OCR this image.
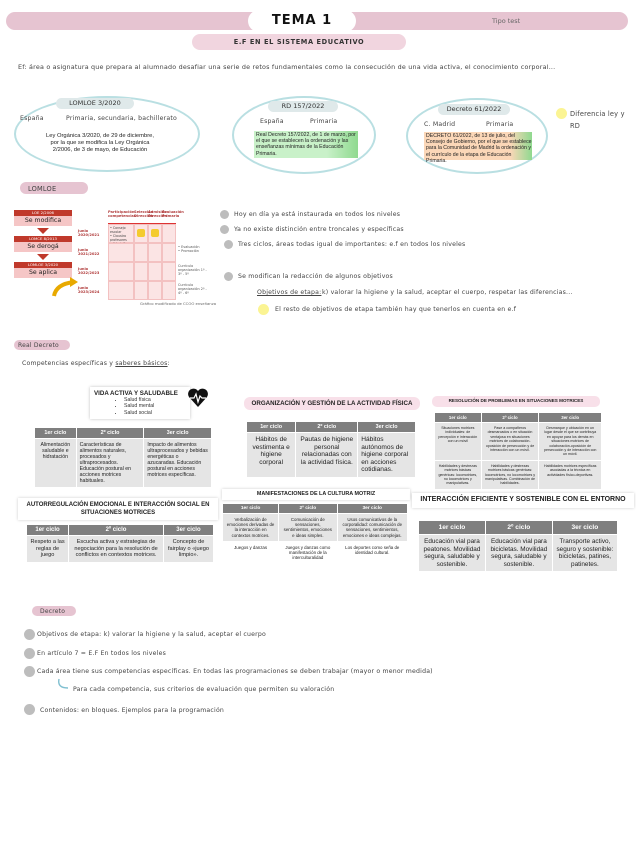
TEMA 1	Tipo test
E.F EN EL SISTEMA EDUCATIVO
Ef: área o asignatura que prepara al alumnado desafiar una serie de retos fundamentales como la consecución de una vida activa, el conocimiento corporal...
LOMLOE 3/2020
España	Primaria, secundaria, bachillerato
Ley Orgánica 3/2020, de 29 de diciembre, por la que se modifica la Ley Orgánica 2/2006, de 3 de mayo, de Educación
RD 157/2022
España	Primaria
Real Decreto 157/2022, de 1 de marzo, por el que se establecen la ordenación y las enseñanzas mínimas de la Educación Primaria.
Decreto 61/2022
C. Madrid	Primaria
DECRETO 61/2022, de 13 de julio, del Consejo de Gobierno, por el que se establece para la Comunidad de Madrid la ordenación y el currículo de la etapa de Educación Primaria.
Diferencia ley y RD
LOMLOE
LOE 2/2006
Se modifica
LOMCE 8/2013
Se derogá
LOMLOE 3/2020
Se aplica
Participación competencias
Selección Dirección
Admisión Dirección
Evaluación Primaria
Junio 2020/2021
• Consejo escolar
• Claustro profesores

Junio 2021/2022
• Evaluación
• Promoción
Junio 2022/2023
Currículo organización 1º - 3º - 5º
Junio 2023/2024
Currículo organización 2º - 4º - 6º
Gráfico modificado de CCOO enseñanza
Hoy en día ya está instaurada en todos los niveles
Ya no existe distinción entre troncales y específicas
Tres ciclos, áreas todas igual de importantes: e.f en todos los niveles
Se modifican la redacción de algunos objetivos
Objetivos de etapa: k) valorar la higiene y la salud, aceptar el cuerpo, respetar las diferencias...
El resto de objetivos de etapa también hay que tenerlos en cuenta en e.f
Real Decreto
Competencias específicas y saberes básicos:
VIDA ACTIVA Y SALUDABLE
• Salud física
• Salud mental
• Salud social
1er ciclo	2º ciclo	3er ciclo
Alimentación saludable e hidratación	Características de alimentos naturales, procesados y ultraprocesados. Educación postural en acciones motrices habituales.	Impacto de alimentos ultraprocesados y bebidas energéticas o azucaradas. Educación postural en acciones motrices específicas.
ORGANIZACIÓN Y GESTIÓN DE LA ACTIVIDAD FÍSICA
1er ciclo	2º ciclo	3er ciclo
Hábitos de vestimenta e higiene corporal	Pautas de higiene personal relacionadas con la actividad física.	Hábitos autónomos de higiene corporal en acciones cotidianas.
RESOLUCIÓN DE PROBLEMAS EN SITUACIONES MOTRICES
1er ciclo	2º ciclo	3er ciclo
Situaciones motrices individuales: de percepción e interacción con un móvil	Pase a compañeros desmarcados o en situación ventajosa en situaciones motrices de colaboración-oposición de persecución y de interacción con un móvil.	Desmarque y ubicación en un lugar desde el que se contribuya en apoyar para los demás en situaciones motrices de colaboración-oposición de persecución y de interacción con un móvil.
Habilidades y destrezas motrices básicas genéricas: locomotrices, no locomotrices y manipulativas.	Habilidades y destrezas motrices básicas genéricas: locomotrices, no locomotrices y manipulativas. Combinación de habilidades.	Habilidades motrices específicas asociadas a la técnica en actividades físico-deportivas.
AUTORREGULACIÓN EMOCIONAL E INTERACCIÓN SOCIAL EN SITUACIONES MOTRICES
1er ciclo	2º ciclo	3er ciclo
Respeto a las reglas de juego	Escucha activa y estrategias de negociación para la resolución de conflictos en contextos motrices.	Concepto de fairplay o «juego limpio».
MANIFESTACIONES DE LA CULTURA MOTRIZ
1er ciclo	2º ciclo	3er ciclo
Verbalización de emociones derivadas de la interacción en contextos motrices.	Comunicación de sensaciones, sentimientos, emociones e ideas simples.	Usos comunicativos de la corporalidad: comunicación de sensaciones, sentimientos, emociones e ideas complejas.
Juegos y danzas	Juegos y danzas como manifestación de la interculturalidad	Los deportes como seña de identidad cultural.
INTERACCIÓN EFICIENTE Y SOSTENIBLE CON EL ENTORNO
1er ciclo	2º ciclo	3er ciclo
Educación vial para peatones. Movilidad segura, saludable y sostenible.	Educación vial para bicicletas. Movilidad segura, saludable y sostenible.	Transporte activo, seguro y sostenible: bicicletas, patines, patinetes.
Decreto
Objetivos de etapa: k) valorar la higiene y la salud, aceptar el cuerpo
En artículo 7 = E.F En todos los niveles
Cada área tiene sus competencias específicas. En todas las programaciones se deben trabajar (mayor o menor medida)
Para cada competencia, sus criterios de evaluación que permiten su valoración
Contenidos: en bloques. Ejemplos para la programación
